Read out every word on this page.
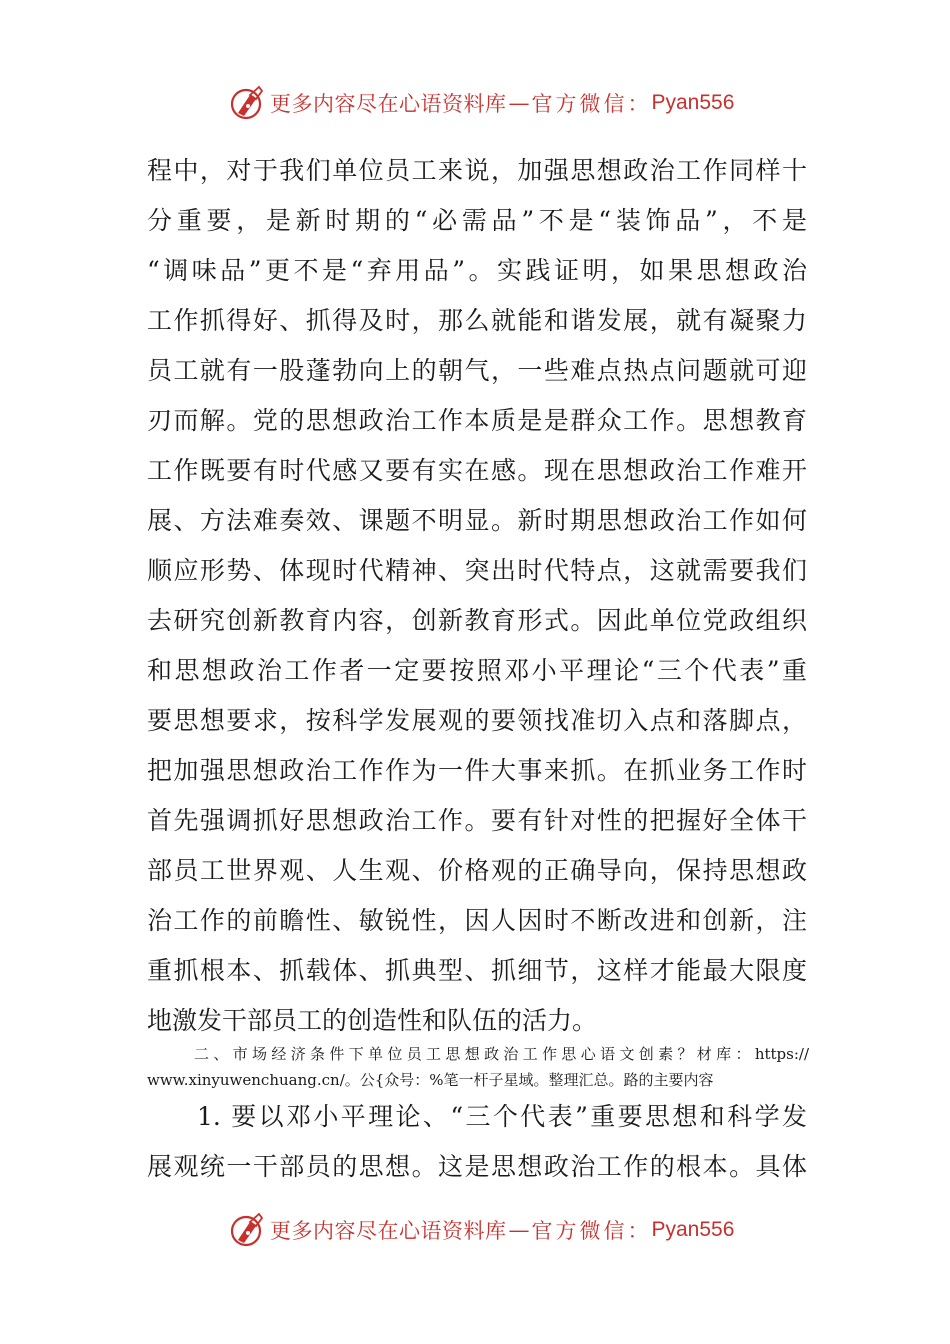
更多内容尽在心语资料库 — 官方微信： Pyan556
程中，对于我们单位员工来说，加强思想政治工作同样十
分重要，是新时期的“必需品”不是“装饰品”，不是
“调味品”更不是“弃用品”。实践证明，如果思想政治
工作抓得好、抓得及时，那么就能和谐发展，就有凝聚力
员工就有一股蓬勃向上的朝气，一些难点热点问题就可迎
刃而解。党的思想政治工作本质是是群众工作。思想教育
工作既要有时代感又要有实在感。现在思想政治工作难开
展、方法难奏效、课题不明显。新时期思想政治工作如何
顺应形势、体现时代精神、突出时代特点，这就需要我们
去研究创新教育内容，创新教育形式。因此单位党政组织
和思想政治工作者一定要按照邓小平理论“三个代表”重
要思想要求，按科学发展观的要领找准切入点和落脚点，
把加强思想政治工作作为一件大事来抓。在抓业务工作时
首先强调抓好思想政治工作。要有针对性的把握好全体干
部员工世界观、人生观、价格观的正确导向，保持思想政
治工作的前瞻性、敏锐性，因人因时不断改进和创新，注
重抓根本、抓载体、抓典型、抓细节，这样才能最大限度
地激发干部员工的创造性和队伍的活力。
二、市场经济条件下单位员工思想政治工作思心语文创素？材库：https://
www.xinyuwenchuang.cn/。公{众号：%笔一杆子星域。整理汇总。路的主要内容
1. 要以邓小平理论、“三个代表”重要思想和科学发
展观统一干部员的思想。这是思想政治工作的根本。具体
更多内容尽在心语资料库 — 官方微信： Pyan556
